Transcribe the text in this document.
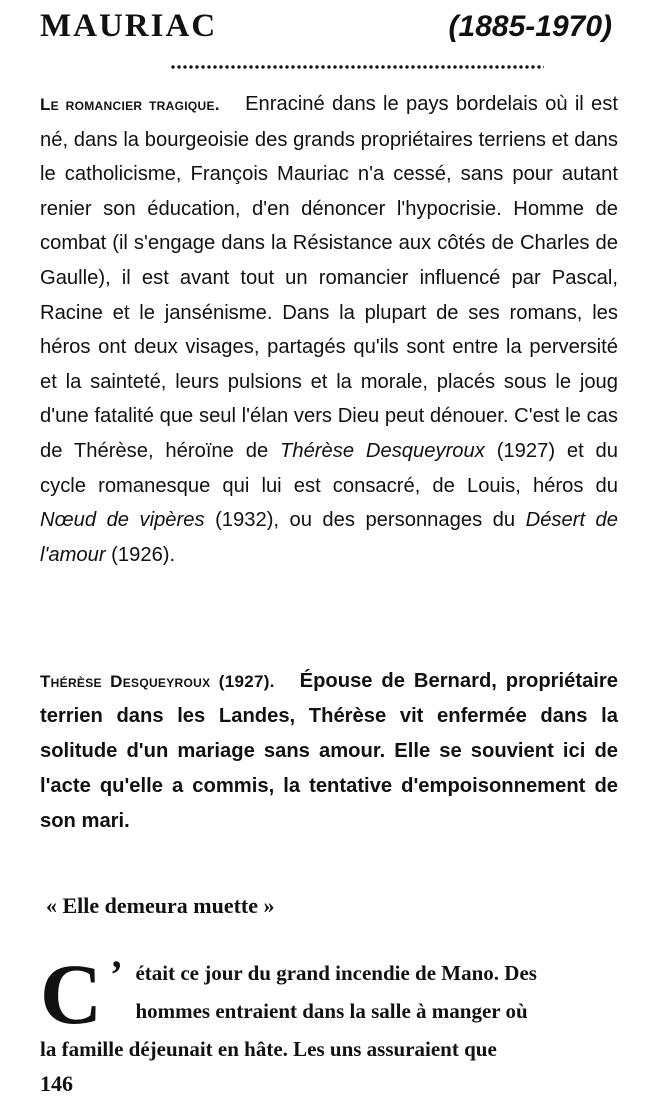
MAURIAC	(1885-1970)
Le romancier tragique. Enraciné dans le pays bordelais où il est né, dans la bourgeoisie des grands propriétaires terriens et dans le catholicisme, François Mauriac n'a cessé, sans pour autant renier son éducation, d'en dénoncer l'hypocrisie. Homme de combat (il s'engage dans la Résistance aux côtés de Charles de Gaulle), il est avant tout un romancier influencé par Pascal, Racine et le jansénisme. Dans la plupart de ses romans, les héros ont deux visages, partagés qu'ils sont entre la perversité et la sainteté, leurs pulsions et la morale, placés sous le joug d'une fatalité que seul l'élan vers Dieu peut dénouer. C'est le cas de Thérèse, héroïne de Thérèse Desqueyroux (1927) et du cycle romanesque qui lui est consacré, de Louis, héros du Nœud de vipères (1932), ou des personnages du Désert de l'amour (1926).
Thérèse Desqueyroux (1927). Épouse de Bernard, propriétaire terrien dans les Landes, Thérèse vit enfermée dans la solitude d'un mariage sans amour. Elle se souvient ici de l'acte qu'elle a commis, la tentative d'empoisonnement de son mari.
« Elle demeura muette »
C ’ était ce jour du grand incendie de Mano. Des
hommes entraient dans la salle à manger où
la famille déjeunait en hâte. Les uns assuraient que
146
